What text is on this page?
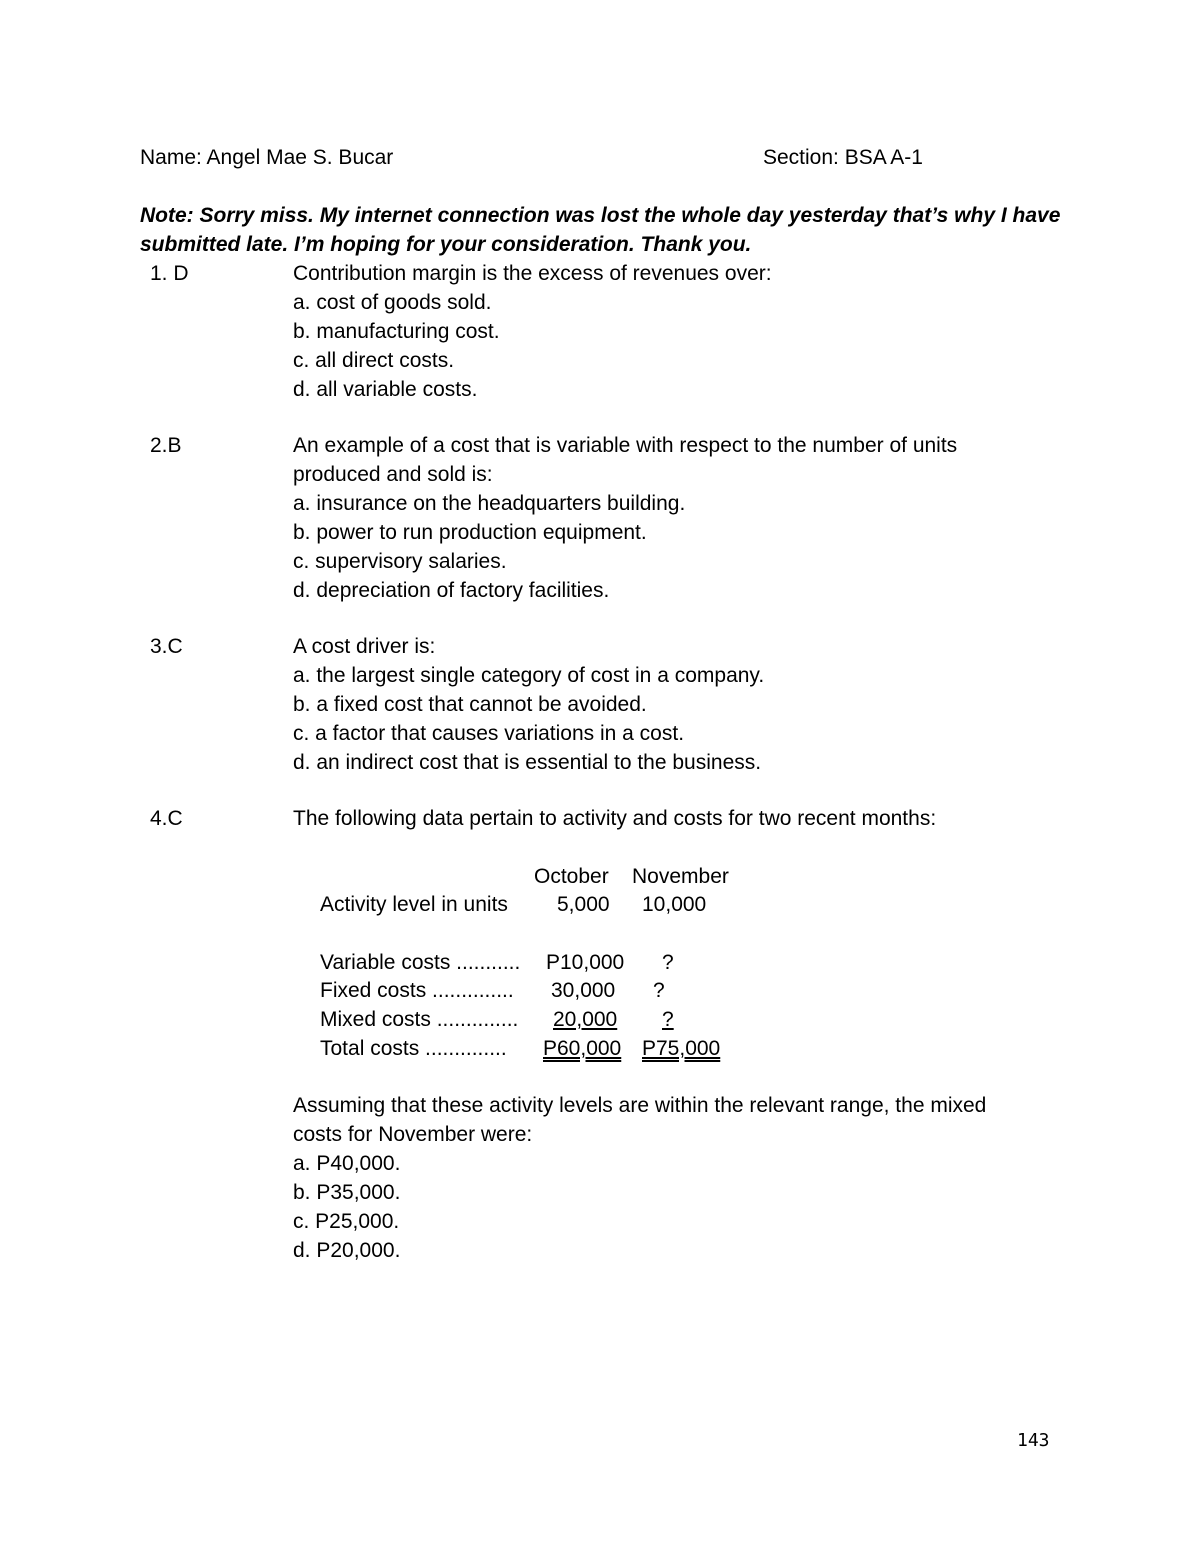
Name: Angel Mae S. Bucar	Section: BSA A-1
Note: Sorry miss. My internet connection was lost the whole day yesterday that’s why I have submitted late. I’m hoping for your consideration. Thank you.
1. D	Contribution margin is the excess of revenues over:
a. cost of goods sold.
b. manufacturing cost.
c. all direct costs.
d. all variable costs.
2.B	An example of a cost that is variable with respect to the number of units
produced and sold is:
a. insurance on the headquarters building.
b. power to run production equipment.
c. supervisory salaries.
d. depreciation of factory facilities.
3.C	A cost driver is:
a. the largest single category of cost in a company.
b. a fixed cost that cannot be avoided.
c. a factor that causes variations in a cost.
d. an indirect cost that is essential to the business.
4.C	The following data pertain to activity and costs for two recent months:
October November
Activity level in units 5,000 10,000
Variable costs ........... P10,000 ?
Fixed costs .............. 30,000 ?
Mixed costs .............. 20,000	?
Total costs .............. P60,000 P75,000
Assuming that these activity levels are within the relevant range, the mixed
costs for November were:
a. P40,000.
b. P35,000.
c. P25,000.
d. P20,000.
143
